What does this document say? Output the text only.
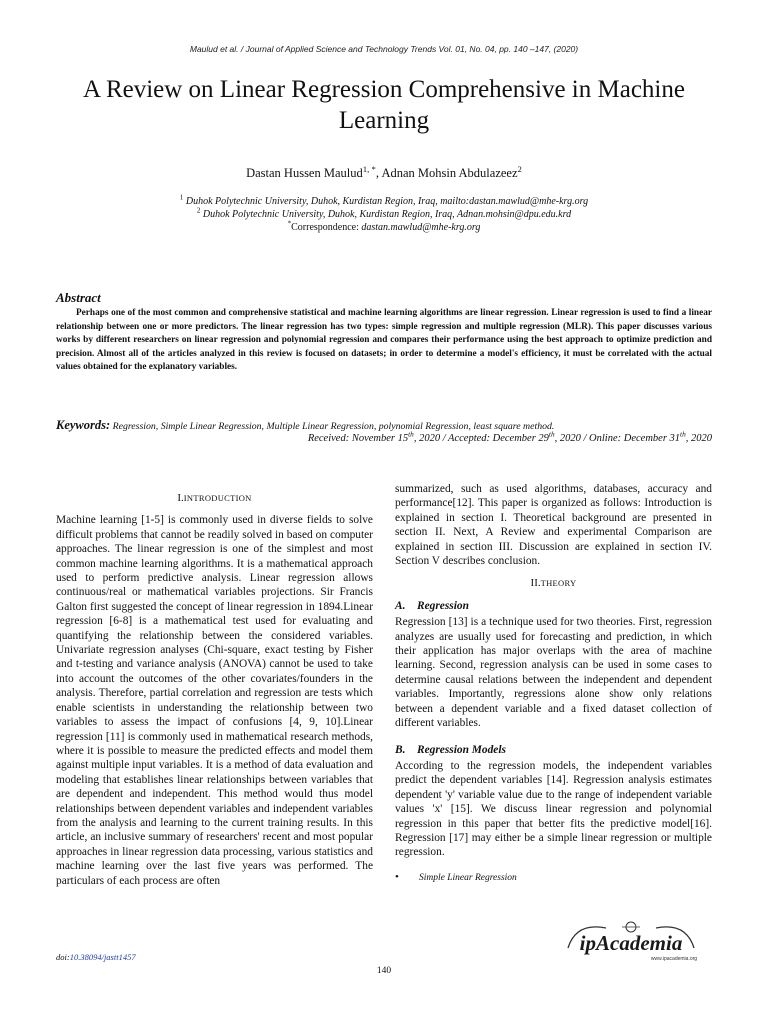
Maulud et al. / Journal of Applied Science and Technology Trends Vol. 01, No. 04, pp. 140 –147, (2020)
A Review on Linear Regression Comprehensive in Machine Learning
Dastan Hussen Maulud$^{1, *}$, Adnan Mohsin Abdulazeez$^2$
$^1$ Duhok Polytechnic University, Duhok, Kurdistan Region, Iraq, mailto:dastan.mawlud@mhe-krg.org
$^2$ Duhok Polytechnic University, Duhok, Kurdistan Region, Iraq, Adnan.mohsin@dpu.edu.krd
*Correspondence: dastan.mawlud@mhe-krg.org
Abstract
Perhaps one of the most common and comprehensive statistical and machine learning algorithms are linear regression. Linear regression is used to find a linear relationship between one or more predictors. The linear regression has two types: simple regression and multiple regression (MLR). This paper discusses various works by different researchers on linear regression and polynomial regression and compares their performance using the best approach to optimize prediction and precision. Almost all of the articles analyzed in this review is focused on datasets; in order to determine a model's efficiency, it must be correlated with the actual values obtained for the explanatory variables.
Keywords: Regression, Simple Linear Regression, Multiple Linear Regression, polynomial Regression, least square method.
Received: November 15th, 2020 / Accepted: December 29th, 2020 / Online: December 31th, 2020
I.INTRODUCTION

Machine learning [1-5] is commonly used in diverse fields to solve difficult problems that cannot be readily solved in based on computer approaches. The linear regression is one of the simplest and most common machine learning algorithms. It is a mathematical approach used to perform predictive analysis. Linear regression allows continuous/real or mathematical variables projections. Sir Francis Galton first suggested the concept of linear regression in 1894.Linear regression [6-8] is a mathematical test used for evaluating and quantifying the relationship between the considered variables. Univariate regression analyses (Chi-square, exact testing by Fisher and t-testing and variance analysis (ANOVA) cannot be used to take into account the outcomes of the other covariates/founders in the analysis. Therefore, partial correlation and regression are tests which enable scientists in understanding the relationship between two variables to assess the impact of confusions [4, 9, 10].Linear regression [11] is commonly used in mathematical research methods, where it is possible to measure the predicted effects and model them against multiple input variables. It is a method of data evaluation and modeling that establishes linear relationships between variables that are dependent and independent. This method would thus model relationships between dependent variables and independent variables from the analysis and learning to the current training results. In this article, an inclusive summary of researchers' recent and most popular approaches in linear regression data processing, various statistics and machine learning over the last five years was performed. The particulars of each process are often

summarized, such as used algorithms, databases, accuracy and performance[12]. This paper is organized as follows: Introduction is explained in section I. Theoretical background are presented in section II. Next, A Review and experimental Comparison are explained in section III. Discussion are explained in section IV. Section V describes conclusion.

II.THEORY
A. Regression

Regression [13] is a technique used for two theories. First, regression analyzes are usually used for forecasting and prediction, in which their application has major overlaps with the area of machine learning. Second, regression analysis can be used in some cases to determine causal relations between the independent and dependent variables. Importantly, regressions alone show only relations between a dependent variable and a fixed dataset collection of different variables.

B. Regression Models

According to the regression models, the independent variables predict the dependent variables [14]. Regression analysis estimates dependent 'y' variable value due to the range of independent variable values 'x' [15]. We discuss linear regression and polynomial regression in this paper that better fits the predictive model[16]. Regression [17] may either be a simple linear regression or multiple regression.

• Simple Linear Regression
doi:10.38094/jastt1457
140
ipAcademia
www.ipacademia.org
